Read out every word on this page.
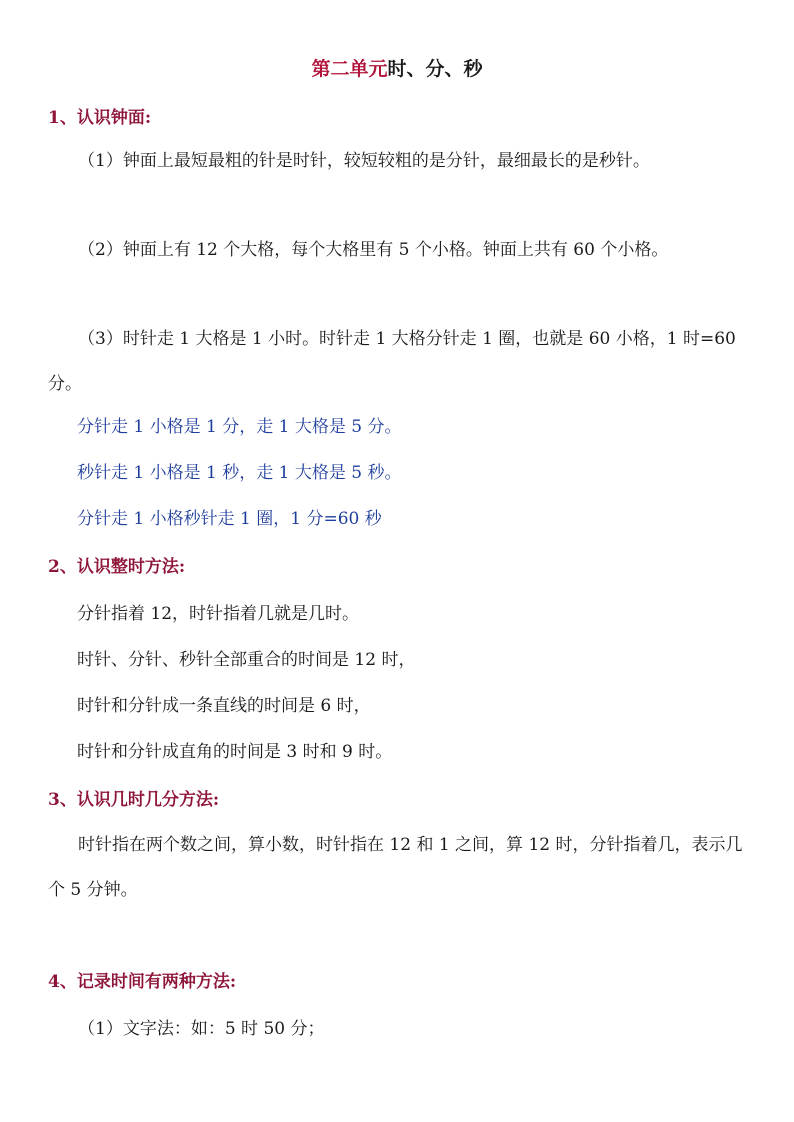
第二单元时、分、秒
1、认识钟面:
（1）钟面上最短最粗的针是时针，较短较粗的是分针，最细最长的是秒针。
（2）钟面上有 12 个大格，每个大格里有 5 个小格。钟面上共有 60 个小格。
（3）时针走 1 大格是 1 小时。时针走 1 大格分针走 1 圈，也就是 60 小格，1 时=60 分。
分针走 1 小格是 1 分，走 1 大格是 5 分。
秒针走 1 小格是 1 秒，走 1 大格是 5 秒。
分针走 1 小格秒针走 1 圈，1 分=60 秒
2、认识整时方法:
分针指着 12，时针指着几就是几时。
时针、分针、秒针全部重合的时间是 12 时，
时针和分针成一条直线的时间是 6 时，
时针和分针成直角的时间是 3 时和 9 时。
3、认识几时几分方法:
时针指在两个数之间，算小数，时针指在 12 和 1 之间，算 12 时，分针指着几，表示几个 5 分钟。
4、记录时间有两种方法:
（1）文字法：如：5 时 50 分；
